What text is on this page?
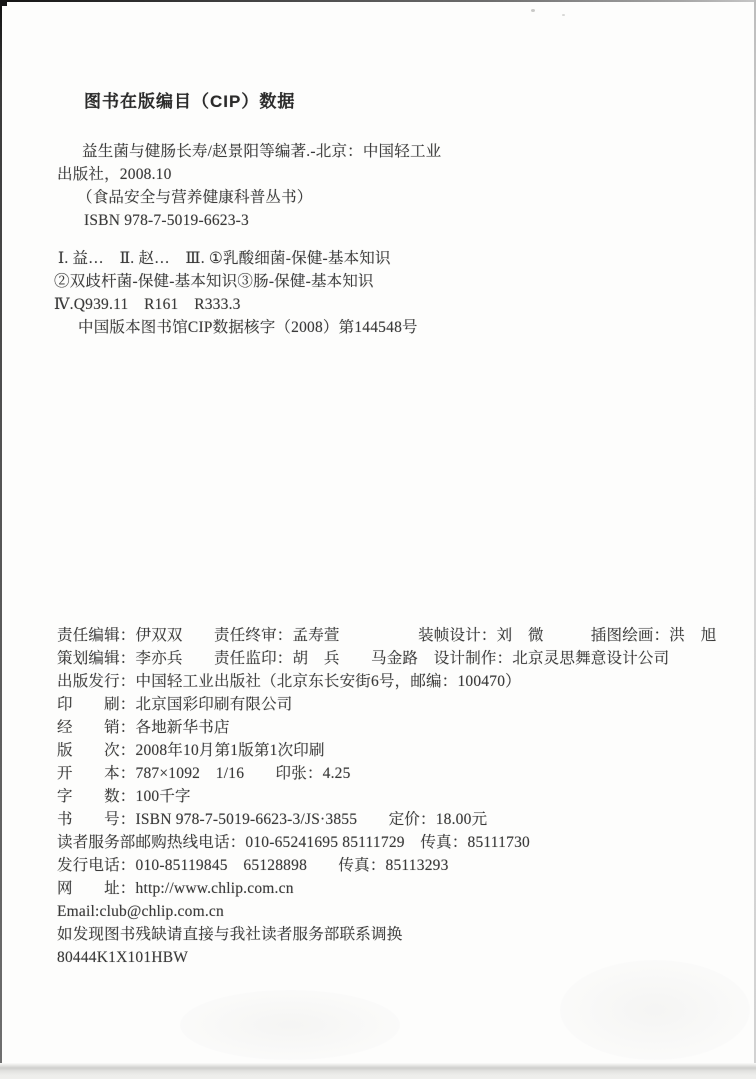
图书在版编目（CIP）数据
益生菌与健肠长寿/赵景阳等编著.-北京：中国轻工业
出版社，2008.10
（食品安全与营养健康科普丛书）
ISBN 978-7-5019-6623-3
Ⅰ. 益…　Ⅱ. 赵…　Ⅲ. ①乳酸细菌-保健-基本知识
②双歧杆菌-保健-基本知识③肠-保健-基本知识
Ⅳ.Q939.11　R161　R333.3
中国版本图书馆CIP数据核字（2008）第144548号
责任编辑：伊双双　　责任终审：孟寿萱　　　　　装帧设计：刘　微　　　插图绘画：洪　旭
策划编辑：李亦兵　　责任监印：胡　兵　　马金路　设计制作：北京灵思舞意设计公司
出版发行：中国轻工业出版社（北京东长安街6号，邮编：100470）
印　　刷：北京国彩印刷有限公司
经　　销：各地新华书店
版　　次：2008年10月第1版第1次印刷
开　　本：787×1092　1/16　　印张：4.25
字　　数：100千字
书　　号：ISBN 978-7-5019-6623-3/JS·3855　　定价：18.00元
读者服务部邮购热线电话：010-65241695 85111729　传真：85111730
发行电话：010-85119845　65128898　　传真：85113293
网　　址：http://www.chlip.com.cn
Email:club@chlip.com.cn
如发现图书残缺请直接与我社读者服务部联系调换
80444K1X101HBW
